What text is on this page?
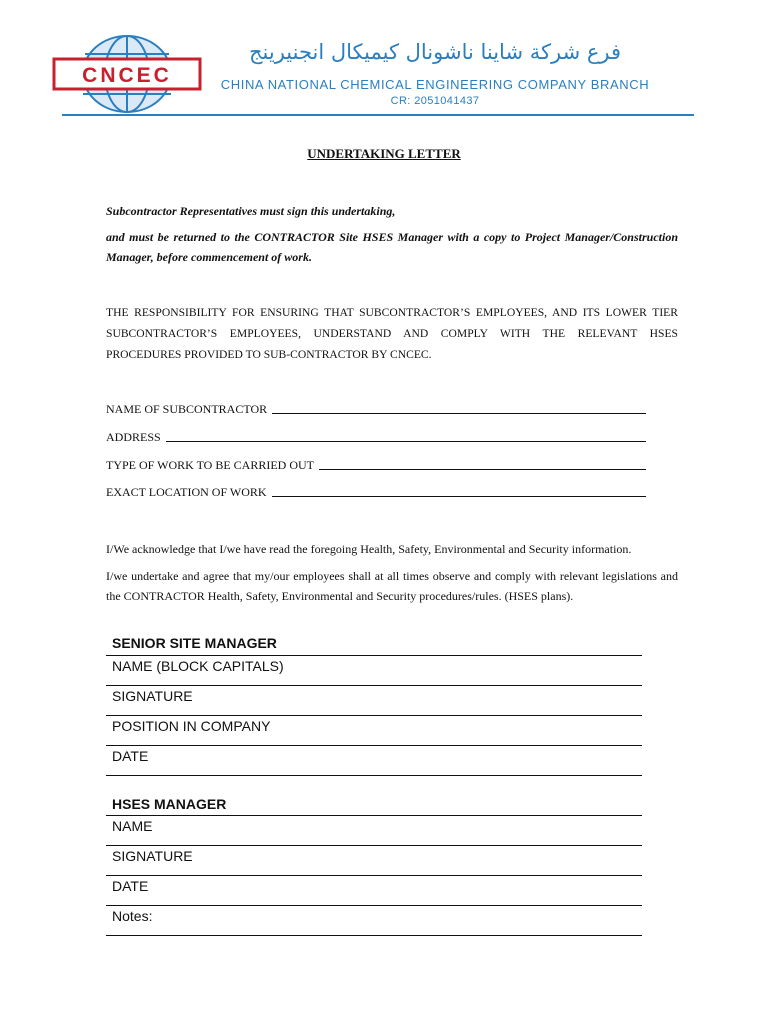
CNCEC
فرع شركة شاينا ناشونال كيميكال انجنيرينج
CHINA NATIONAL CHEMICAL ENGINEERING COMPANY BRANCH
CR: 2051041437
UNDERTAKING LETTER
Subcontractor Representatives must sign this undertaking,
and must be returned to the CONTRACTOR Site HSES Manager with a copy to Project Manager/Construction Manager, before commencement of work.
THE RESPONSIBILITY FOR ENSURING THAT SUBCONTRACTOR’S EMPLOYEES, AND ITS LOWER TIER SUBCONTRACTOR’S EMPLOYEES, UNDERSTAND AND COMPLY WITH THE RELEVANT HSES PROCEDURES PROVIDED TO SUB-CONTRACTOR BY CNCEC.
NAME OF SUBCONTRACTOR
ADDRESS
TYPE OF WORK TO BE CARRIED OUT
EXACT LOCATION OF WORK
I/We acknowledge that I/we have read the foregoing Health, Safety, Environmental and Security information.
I/we undertake and agree that my/our employees shall at all times observe and comply with relevant legislations and the CONTRACTOR Health, Safety, Environmental and Security procedures/rules. (HSES plans).
SENIOR SITE MANAGER
NAME (BLOCK CAPITALS)
SIGNATURE
POSITION IN COMPANY
DATE
HSES MANAGER
NAME
SIGNATURE
DATE
Notes:
